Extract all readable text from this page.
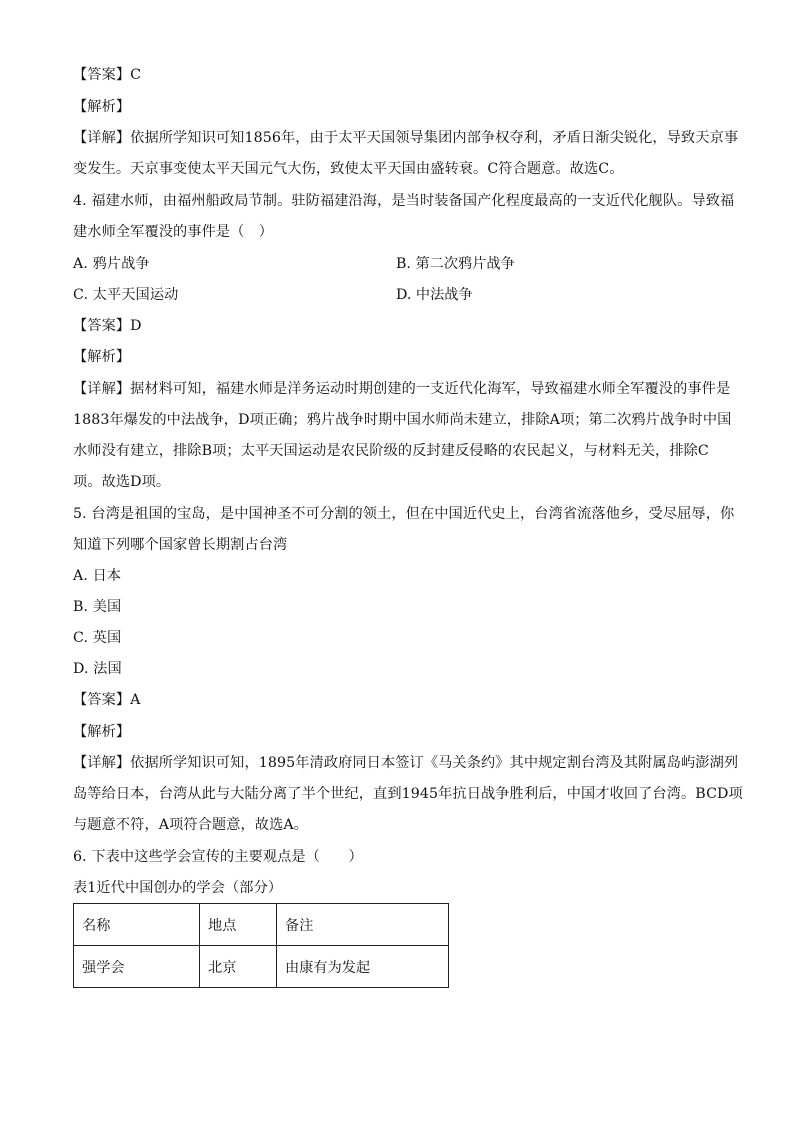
【答案】C
【解析】
【详解】依据所学知识可知1856年，由于太平天国领导集团内部争权夺利，矛盾日渐尖锐化，导致天京事
变发生。天京事变使太平天国元气大伤，致使太平天国由盛转衰。C符合题意。故选C。
4. 福建水师，由福州船政局节制。驻防福建沿海，是当时装备国产化程度最高的一支近代化舰队。导致福
建水师全军覆没的事件是（　）
A. 鸦片战争	B. 第二次鸦片战争
C. 太平天国运动	D. 中法战争
【答案】D
【解析】
【详解】据材料可知，福建水师是洋务运动时期创建的一支近代化海军，导致福建水师全军覆没的事件是
1883年爆发的中法战争，D项正确；鸦片战争时期中国水师尚未建立，排除A项；第二次鸦片战争时中国
水师没有建立，排除B项；太平天国运动是农民阶级的反封建反侵略的农民起义，与材料无关，排除C
项。故选D项。
5. 台湾是祖国的宝岛，是中国神圣不可分割的领土，但在中国近代史上，台湾省流落他乡，受尽屈辱，你
知道下列哪个国家曾长期割占台湾
A. 日本
B. 美国
C. 英国
D. 法国
【答案】A
【解析】
【详解】依据所学知识可知，1895年清政府同日本签订《马关条约》其中规定割台湾及其附属岛屿澎湖列
岛等给日本，台湾从此与大陆分离了半个世纪，直到1945年抗日战争胜利后，中国才收回了台湾。BCD项
与题意不符，A项符合题意，故选A。
6. 下表中这些学会宣传的主要观点是（　　）
表1近代中国创办的学会（部分）
名称	地点	备注
强学会	北京	由康有为发起
